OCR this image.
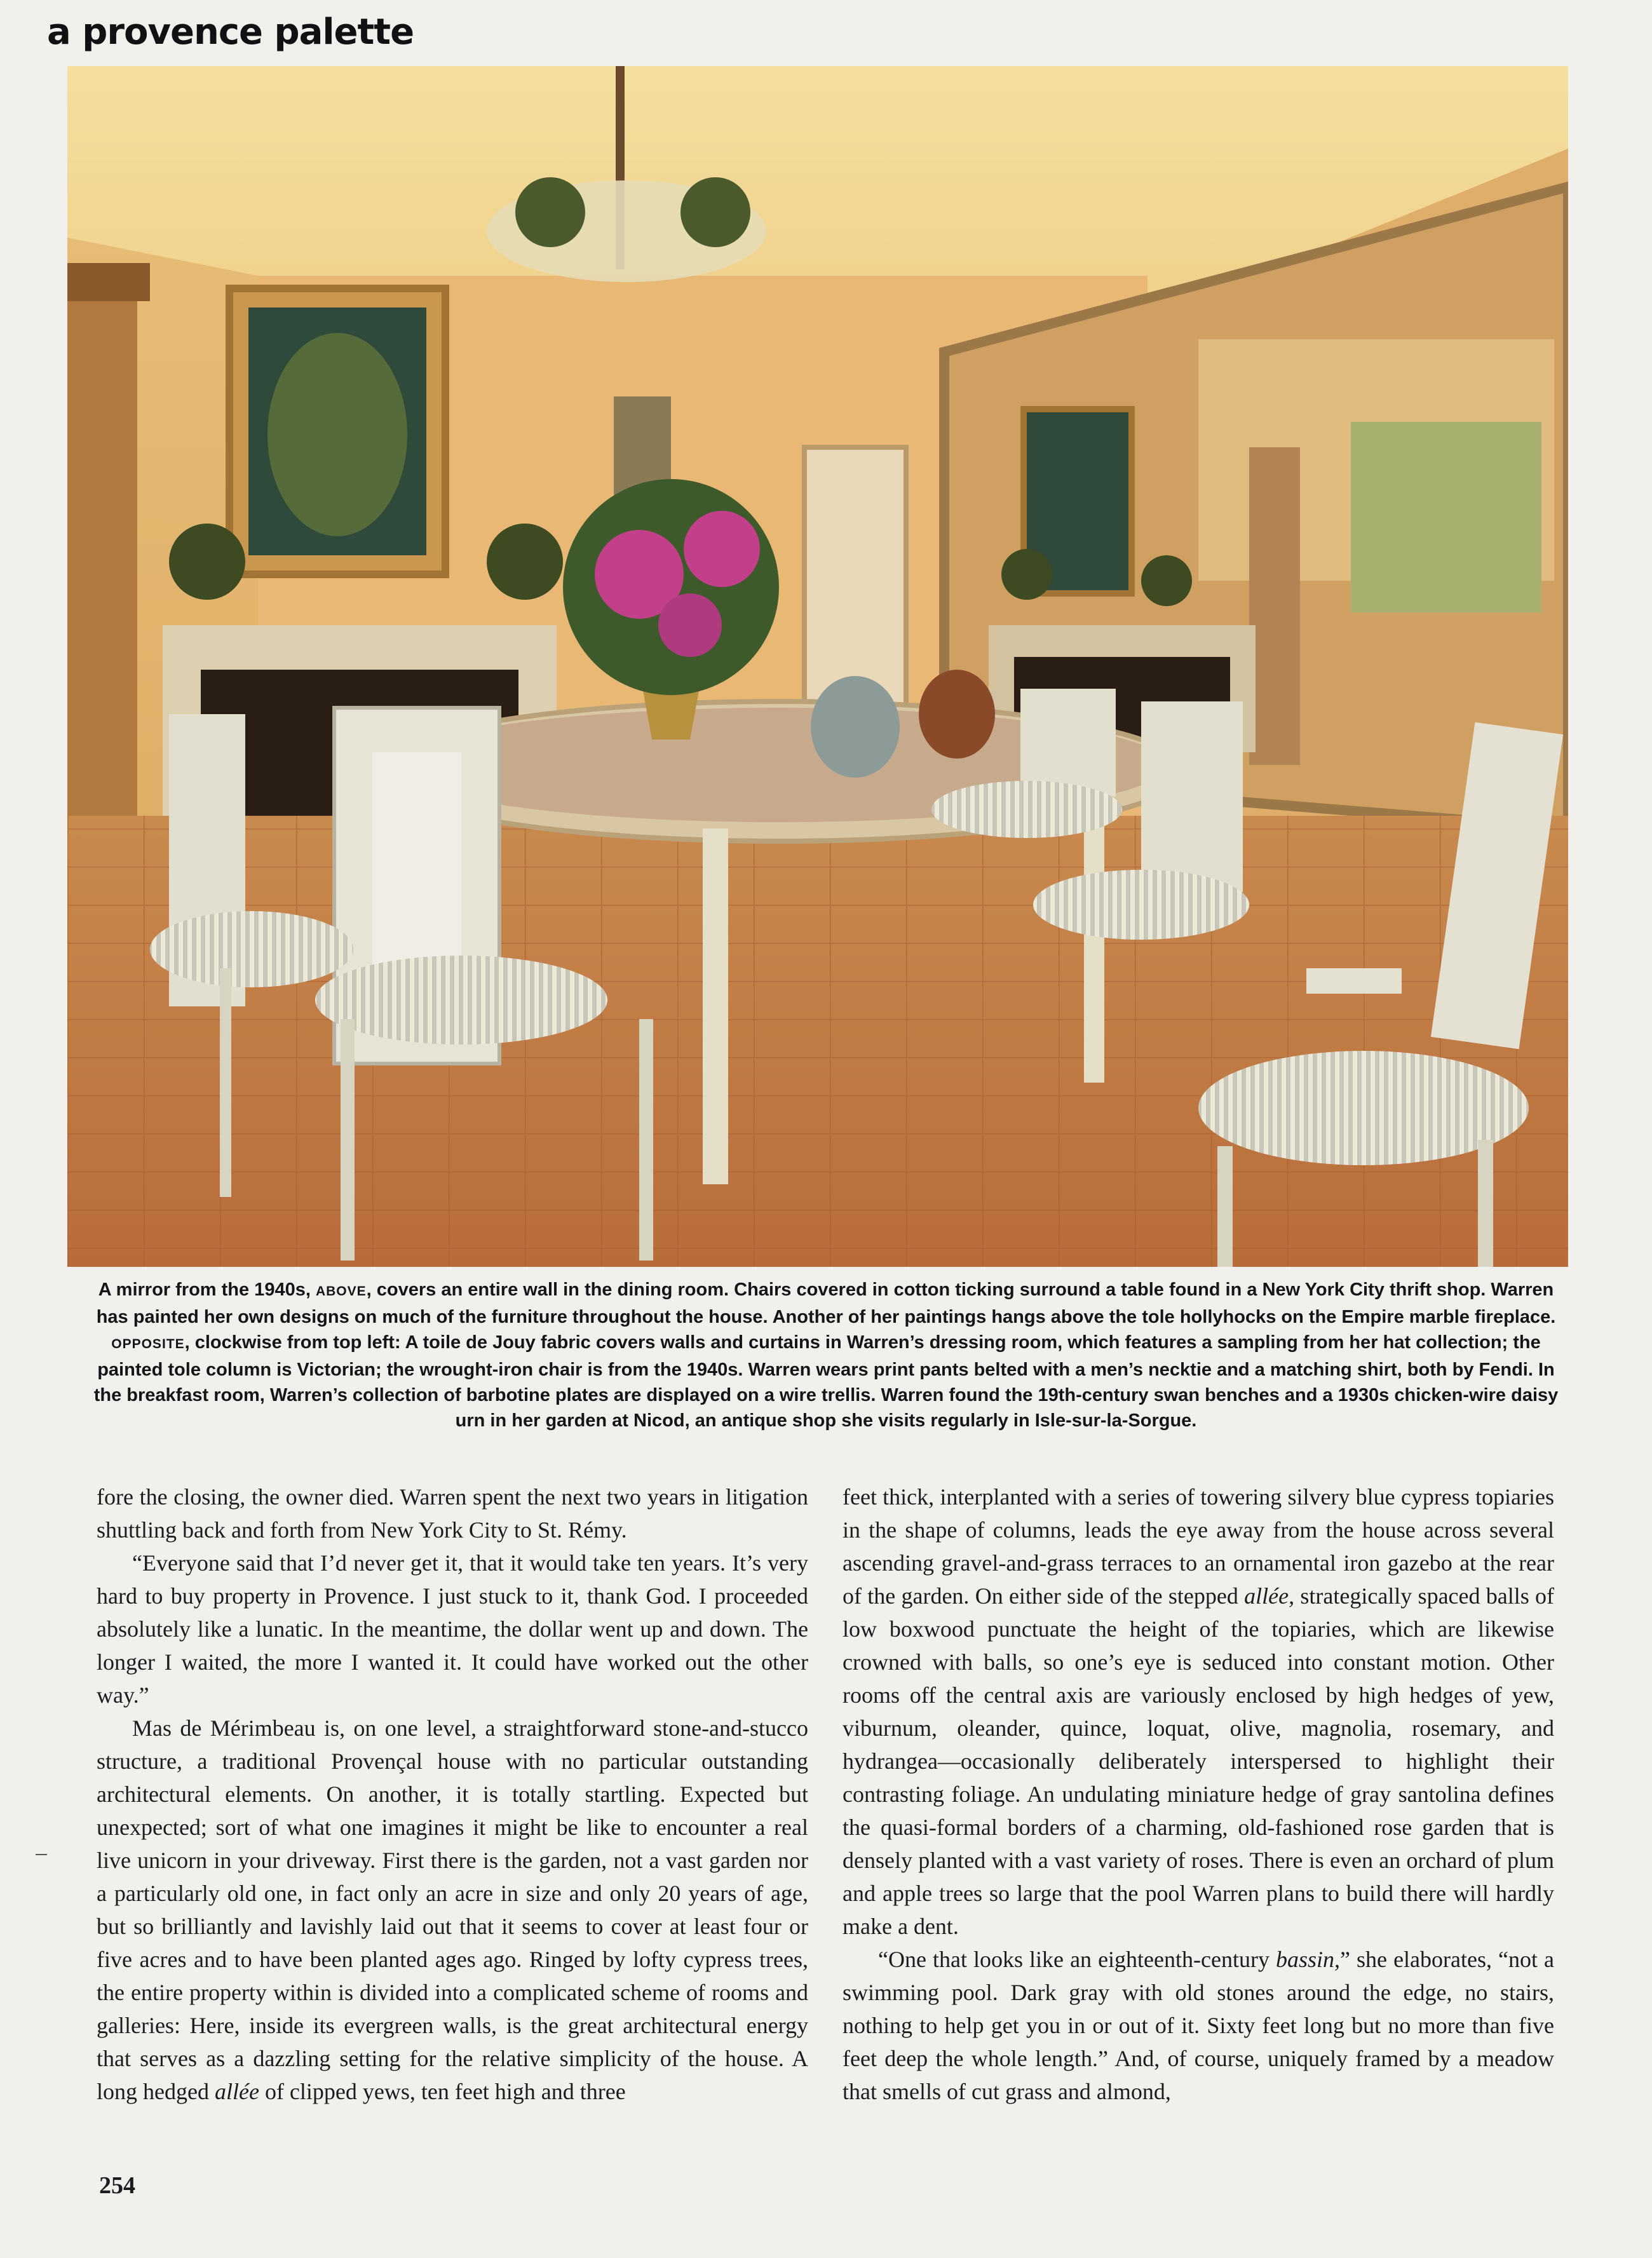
a provence palette
A mirror from the 1940s, ABOVE, covers an entire wall in the dining room. Chairs covered in cotton ticking surround a table found in a New York City thrift shop. Warren has painted her own designs on much of the furniture throughout the house. Another of her paintings hangs above the tole hollyhocks on the Empire marble fireplace. OPPOSITE, clockwise from top left: A toile de Jouy fabric covers walls and curtains in Warren’s dressing room, which features a sampling from her hat collection; the painted tole column is Victorian; the wrought-iron chair is from the 1940s. Warren wears print pants belted with a men’s necktie and a matching shirt, both by Fendi. In the breakfast room, Warren’s collection of barbotine plates are displayed on a wire trellis. Warren found the 19th-century swan benches and a 1930s chicken-wire daisy urn in her garden at Nicod, an antique shop she visits regularly in Isle-sur-la-Sorgue.

fore the closing, the owner died. Warren spent the next two years in litigation shuttling back and forth from New York City to St. Rémy.

“Everyone said that I’d never get it, that it would take ten years. It’s very hard to buy property in Provence. I just stuck to it, thank God. I proceeded absolutely like a lunatic. In the meantime, the dollar went up and down. The longer I waited, the more I wanted it. It could have worked out the other way.”

Mas de Mérimbeau is, on one level, a straightforward stone-and-stucco structure, a traditional Provençal house with no particular outstanding architectural elements. On another, it is totally startling. Expected but unexpected; sort of what one imagines it might be like to encounter a real live unicorn in your driveway. First there is the garden, not a vast garden nor a particularly old one, in fact only an acre in size and only 20 years of age, but so brilliantly and lavishly laid out that it seems to cover at least four or five acres and to have been planted ages ago. Ringed by lofty cypress trees, the entire property within is divided into a complicated scheme of rooms and galleries: Here, inside its evergreen walls, is the great architectural energy that serves as a dazzling setting for the relative simplicity of the house. A long hedged allée of clipped yews, ten feet high and three

feet thick, interplanted with a series of towering silvery blue cypress topiaries in the shape of columns, leads the eye away from the house across several ascending gravel-and-grass terraces to an ornamental iron gazebo at the rear of the garden. On either side of the stepped allée, strategically spaced balls of low boxwood punctuate the height of the topiaries, which are likewise crowned with balls, so one’s eye is seduced into constant motion. Other rooms off the central axis are variously enclosed by high hedges of yew, viburnum, oleander, quince, loquat, olive, magnolia, rosemary, and hydrangea—occasionally deliberately interspersed to highlight their contrasting foliage. An undulating miniature hedge of gray santolina defines the quasi-formal borders of a charming, old-fashioned rose garden that is densely planted with a vast variety of roses. There is even an orchard of plum and apple trees so large that the pool Warren plans to build there will hardly make a dent.

“One that looks like an eighteenth-century bassin,” she elaborates, “not a swimming pool. Dark gray with old stones around the edge, no stairs, nothing to help get you in or out of it. Sixty feet long but no more than five feet deep the whole length.” And, of course, uniquely framed by a meadow that smells of cut grass and almond,

254
